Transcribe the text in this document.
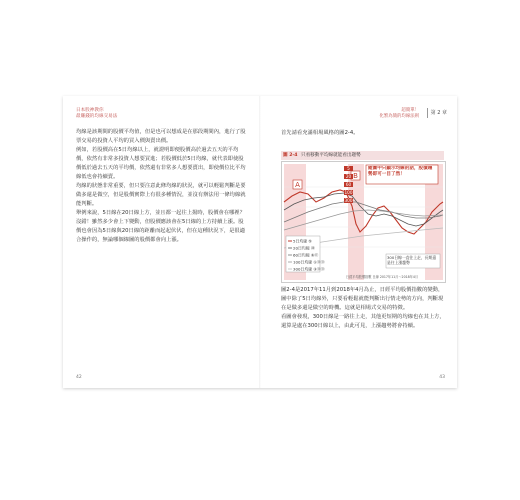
日本股神教你
最賺錢的均線交易法

均線是該期間的股價平均值，但是也可以想成是在那段期間內，進行了股票交易的投資人平均的買入價與賣出價。

例如，若股價高在5日均線以上，就證明即便股價高於過去五天的平均價，依然有非常多投資人想要買進；若股價低於5日均線，就代表即使股價低於過去五天的平均價，依然還有非常多人想要賣出，即使價位比平均線低也會持續賣。

均線的狀態非常重要，但只要注意此條均線的狀況，就可以輕鬆判斷是要做多還是做空，但是股價實際上有很多種情況，並沒有辦法用一條均線就能判斷。

舉例來說，5日線在20日線上方，並且都一起往上揚時，股價會在哪裡？

沒錯！雖然多少會上下變動，但股價應該會在5日線的上方持續上漲。股價也會因為5日線與20日線的距離而起起伏伏，但在這種狀況下，是很適合操作的，無論哪個線圖的股價都會向上漲。

42
超簡單！
化繁為簡的均線法則
第 2 章
首先請看充滿相場風格的圖2-4。
圖 2-4 只看移動平均線就能看出趨勢
A
B
5
20
60
100
300
縱圖中只顯示均線的話，股價趨勢即可一目了然！
5日均線 ⑤
20日均線 ⑳
60日均線 ⑥⓪
100日均線 ①⓪⓪
300日均線 ③⓪⓪
300日線一直往上走，長期還是往上漲趨勢
日經平均股價指數 日線 2017年11月～2018年4月

圖2-4是2017年11月到2018年4月為止，日經平均股價指數的變動，圖中除了5日均線外，只要看輕鬆就能判斷出行情走勢的方向，判斷現在是做多還是做空的時機。這就是相場式交易的特徵。

看圖會發現，300日線是一路往上走，其他更短期的均線也在其上方，還算是處在300日線以上，由此可見，上漲趨勢將會持續。

43
